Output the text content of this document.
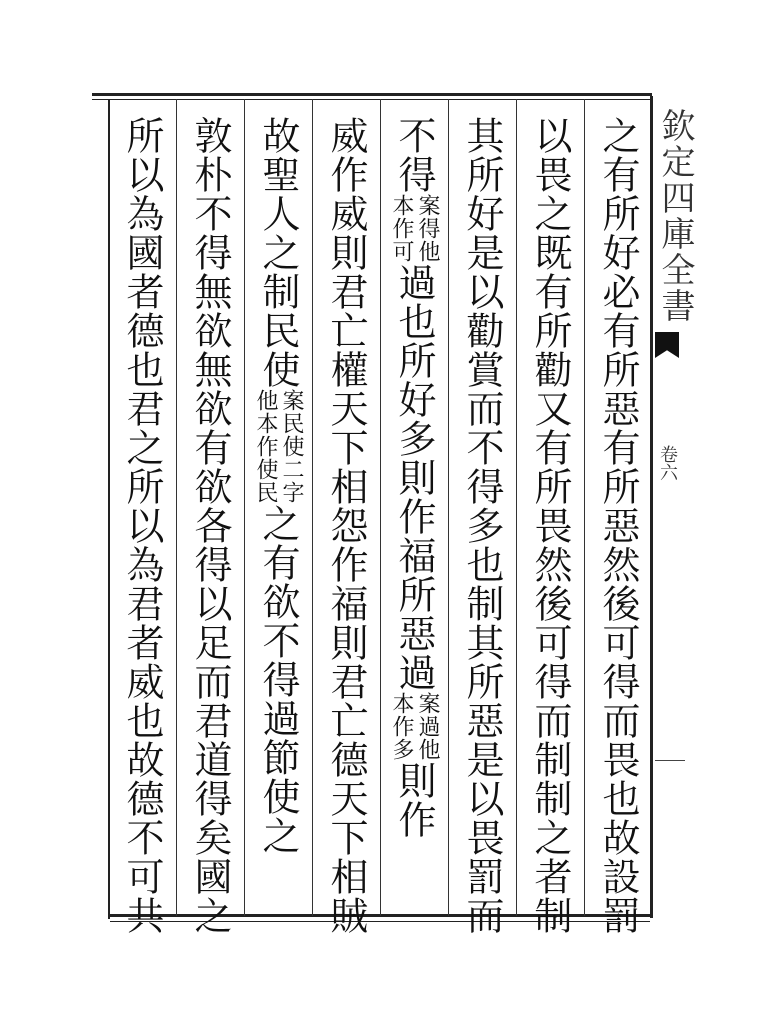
欽定四庫全書
卷六
之有所好必有所惡有所惡然後可得而畏也故設罰
以畏之既有所勸又有所畏然後可得而制制之者制
其所好是以勸賞而不得多也制其所惡是以畏罰而
不得
案得他
本作可
過也所好多則作福所惡過
案過他
本作多
則作
威作威則君亡權天下相怨作福則君亡德天下相賊
故聖人之制民使
案民使二字
他本作使民
之有欲不得過節使之
敦朴不得無欲無欲有欲各得以足而君道得矣國之
所以為國者德也君之所以為君者威也故德不可共
